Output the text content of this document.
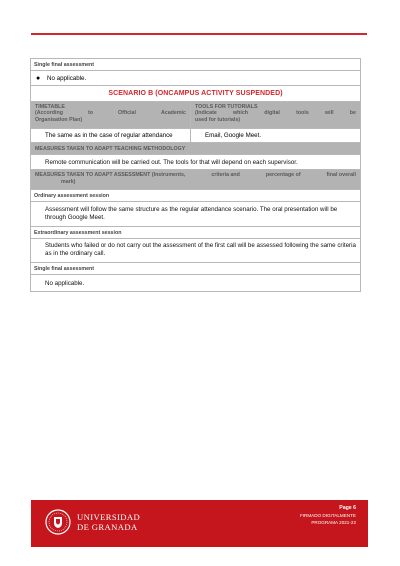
Single final assessment
●	No applicable.
SCENARIO B (ONCAMPUS ACTIVITY SUSPENDED)
TIMETABLE
(According	to	Official	Academic
Organisation Plan)
TOOLS FOR TUTORIALS
(Indicate	which	digital	tools	will	be
used for tutorials)
The same as in the case of regular attendance	Email, Google Meet.
MEASURES TAKEN TO ADAPT TEACHING METHODOLOGY
Remote communication will be carried out. The tools for that will depend on each supervisor.
MEASURES TAKEN TO ADAPT ASSESSMENT (Instruments,	criteria and	percentage of	final overall
mark)
Ordinary assessment session
Assessment will follow the same structure as the regular attendance scenario. The oral presentation will be through Google Meet.
Extraordinary assessment session
Students who failed or do not carry out the assessment of the first call will be assessed following the same criteria as in the ordinary call.
Single final assessment
No applicable.
UNIVERSIDAD
DE GRANADA
Page 6
FIRMADO DIGITALMENTE
PROGRAMA 2021-22
